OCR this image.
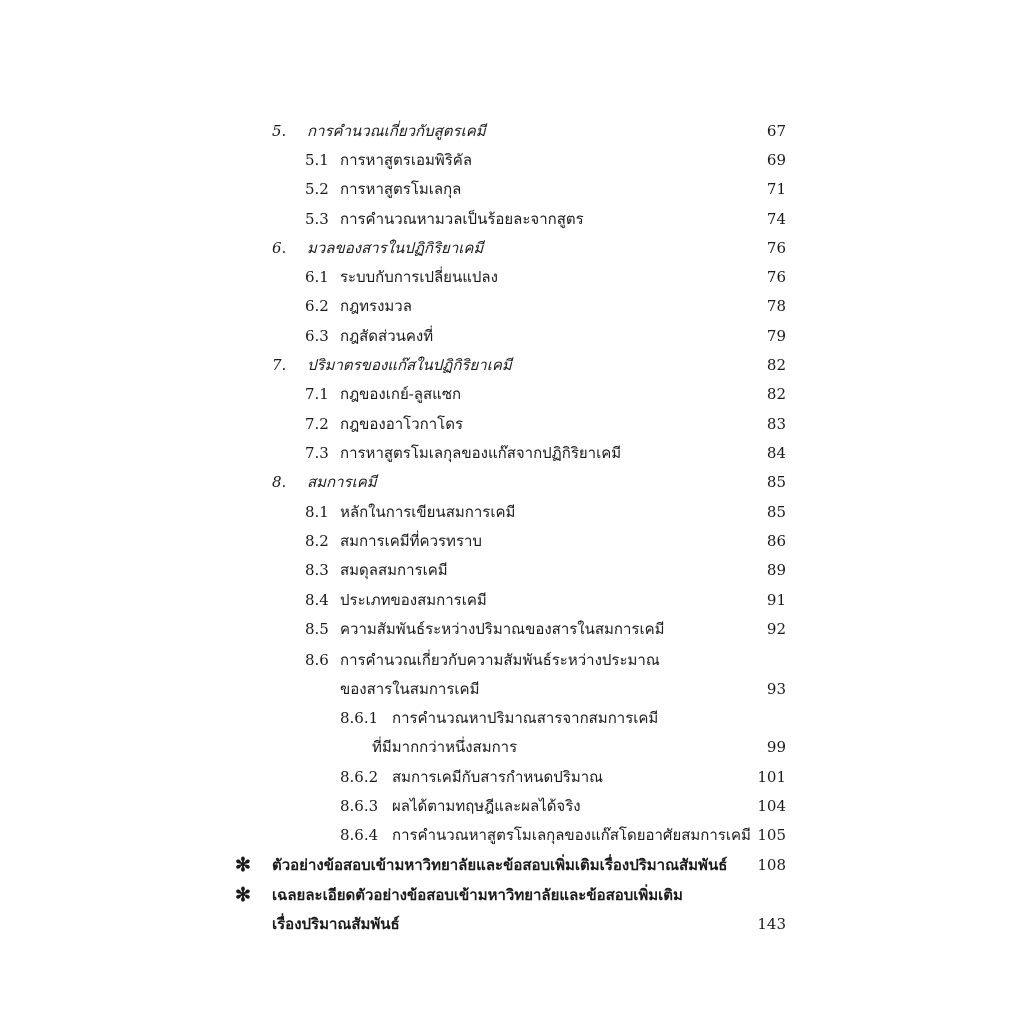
5. การคำนวณเกี่ยวกับสูตรเคมี	67
5.1 การหาสูตรเอมพิริคัล	69
5.2 การหาสูตรโมเลกุล	71
5.3 การคำนวณหามวลเป็นร้อยละจากสูตร	74
6. มวลของสารในปฏิกิริยาเคมี	76
6.1 ระบบกับการเปลี่ยนแปลง	76
6.2 กฎทรงมวล	78
6.3 กฎสัดส่วนคงที่	79
7. ปริมาตรของแก๊สในปฏิกิริยาเคมี	82
7.1 กฎของเกย์-ลูสแซก	82
7.2 กฎของอาโวกาโดร	83
7.3 การหาสูตรโมเลกุลของแก๊สจากปฏิกิริยาเคมี	84
8. สมการเคมี	85
8.1 หลักในการเขียนสมการเคมี	85
8.2 สมการเคมีที่ควรทราบ	86
8.3 สมดุลสมการเคมี	89
8.4 ประเภทของสมการเคมี	91
8.5 ความสัมพันธ์ระหว่างปริมาณของสารในสมการเคมี	92
8.6 การคำนวณเกี่ยวกับความสัมพันธ์ระหว่างประมาณ
ของสารในสมการเคมี	93
8.6.1 การคำนวณหาปริมาณสารจากสมการเคมี
ที่มีมากกว่าหนึ่งสมการ	99
8.6.2 สมการเคมีกับสารกำหนดปริมาณ	101
8.6.3 ผลได้ตามทฤษฎีและผลได้จริง	104
8.6.4 การคำนวณหาสูตรโมเลกุลของแก๊สโดยอาศัยสมการเคมี 105
✻ ตัวอย่างข้อสอบเข้ามหาวิทยาลัยและข้อสอบเพิ่มเติมเรื่องปริมาณสัมพันธ์ 108
✻ เฉลยละเอียดตัวอย่างข้อสอบเข้ามหาวิทยาลัยและข้อสอบเพิ่มเติม
เรื่องปริมาณสัมพันธ์	143
